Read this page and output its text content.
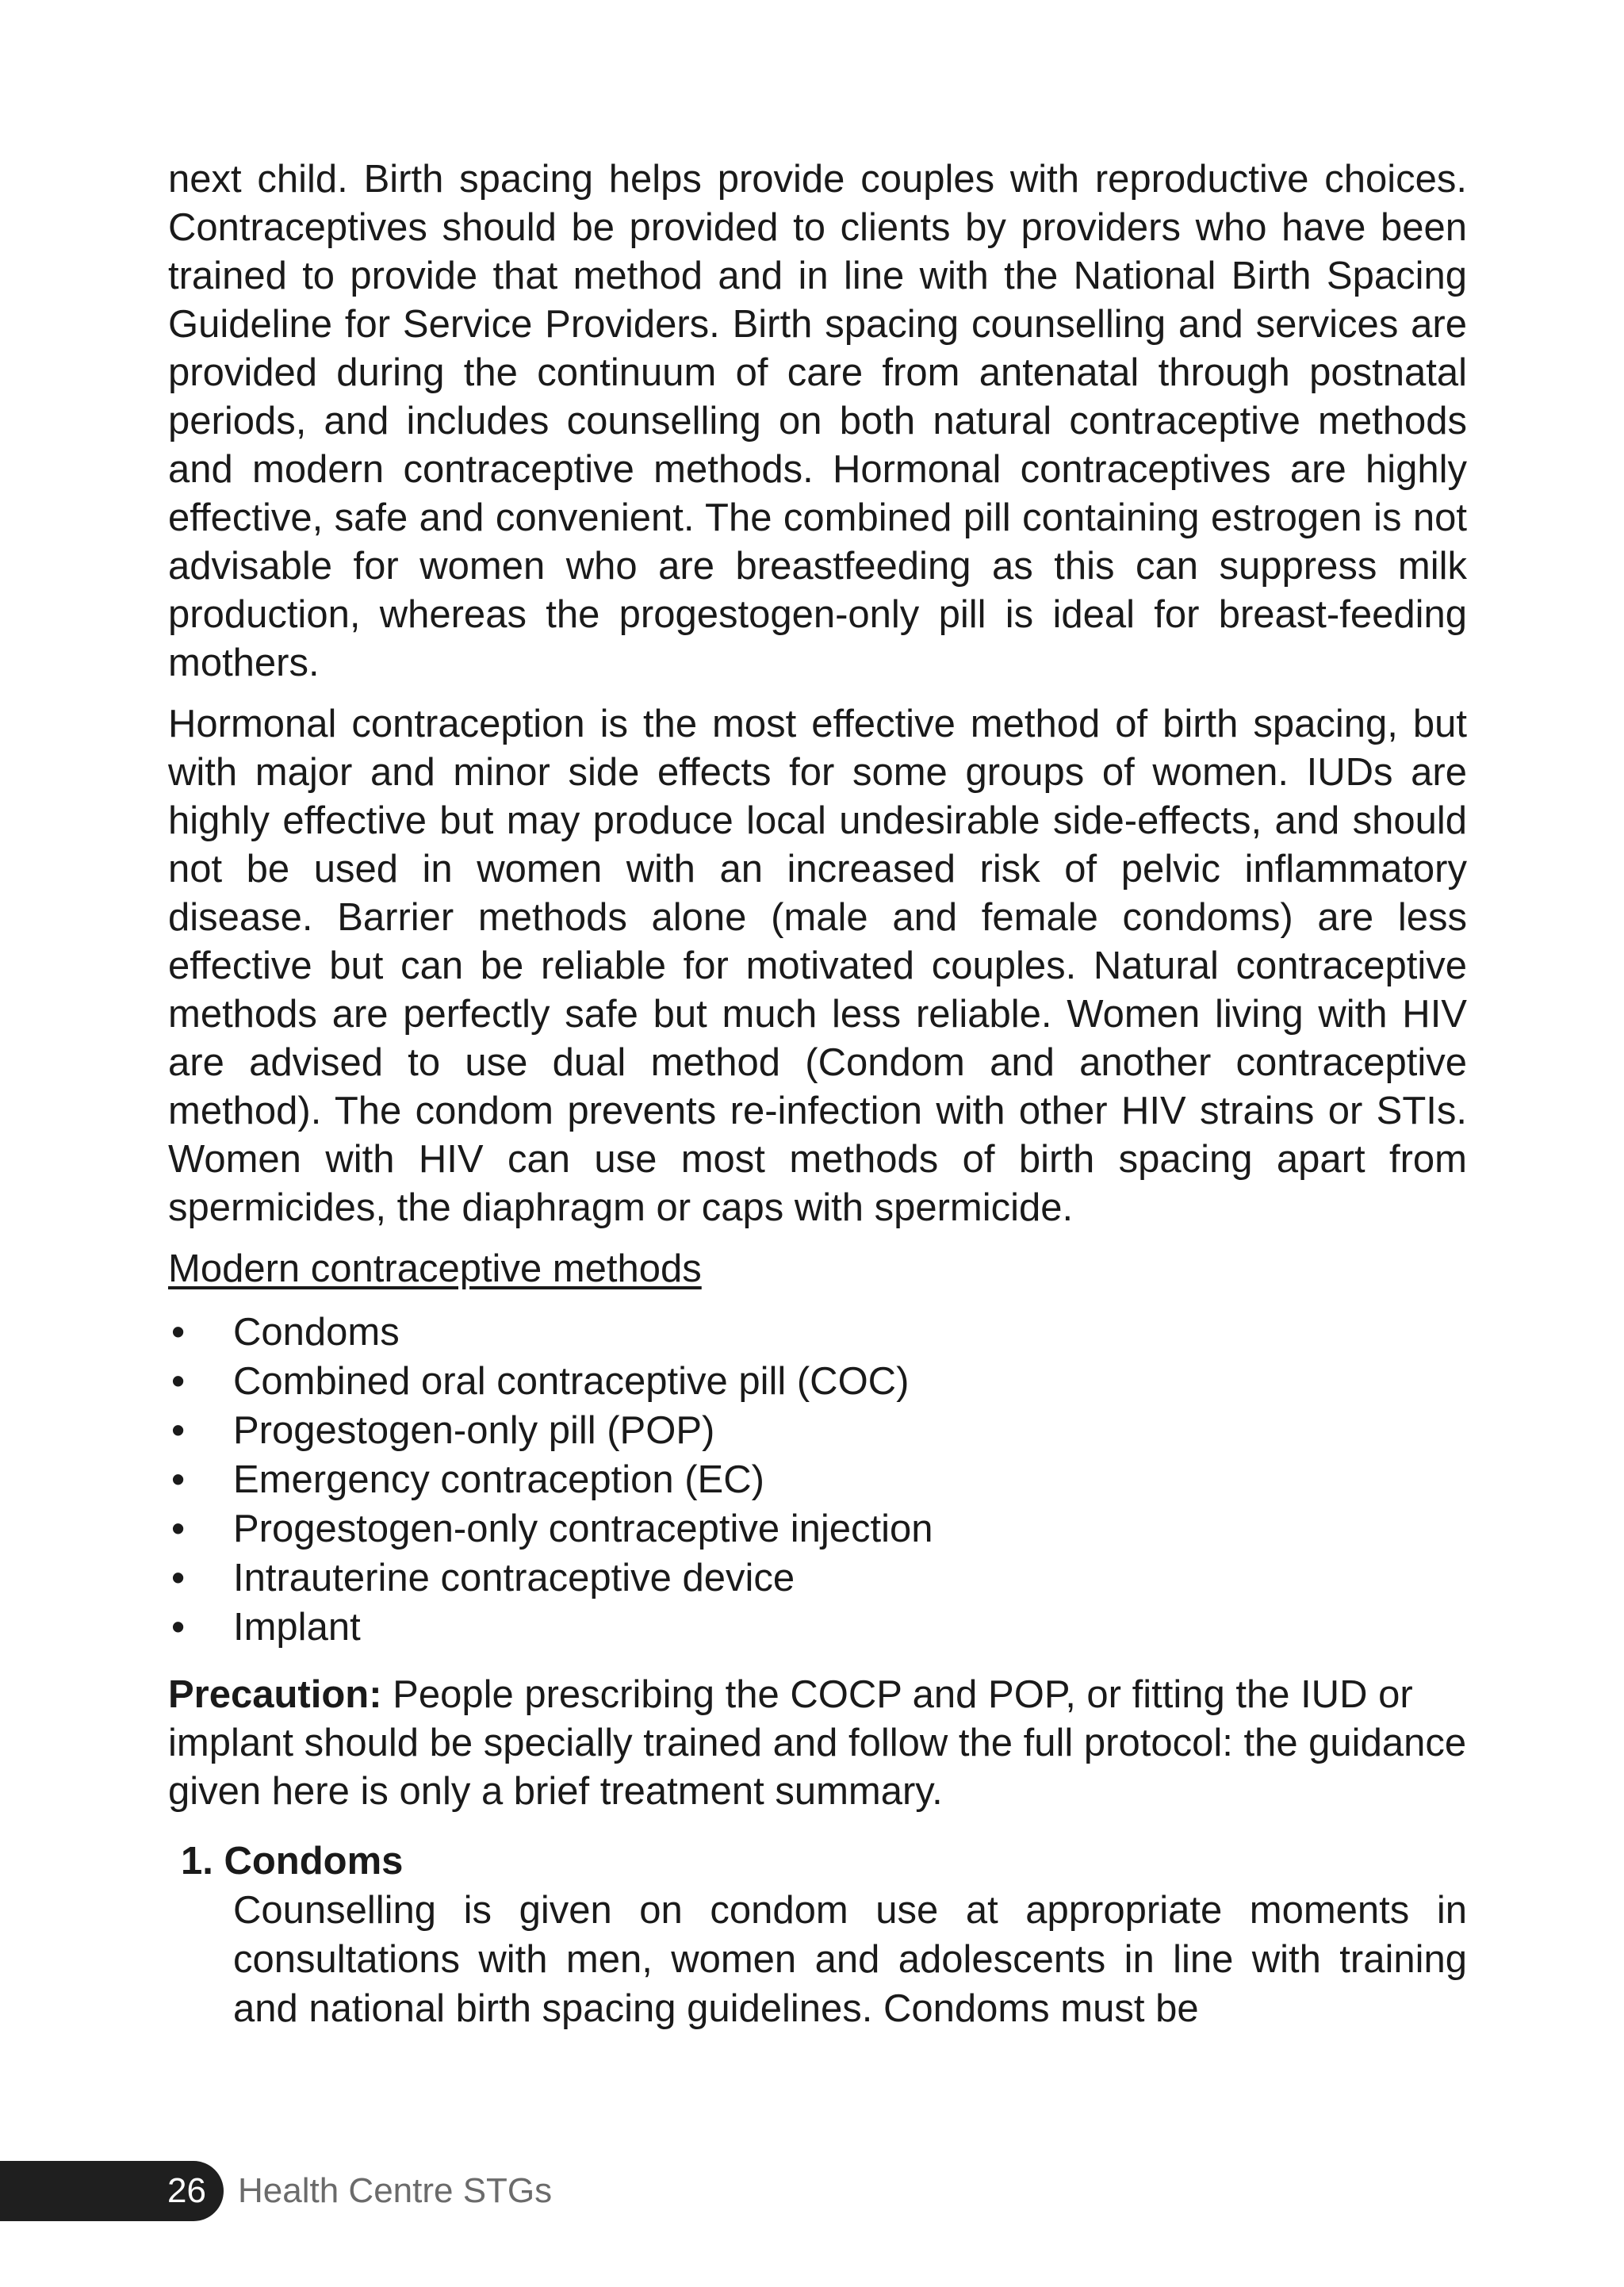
next child. Birth spacing helps provide couples with reproductive choices. Contraceptives should be provided to clients by providers who have been trained to provide that method and in line with the National Birth Spacing Guideline for Service Providers. Birth spacing counselling and services are provided during the continuum of care from antenatal through postnatal periods, and includes counselling on both natural contraceptive methods and modern contraceptive methods. Hormonal contraceptives are highly effective, safe and convenient. The combined pill containing estrogen is not advisable for women who are breastfeeding as this can suppress milk production, whereas the progestogen-only pill is ideal for breast-feeding mothers.

Hormonal contraception is the most effective method of birth spacing, but with major and minor side effects for some groups of women. IUDs are highly effective but may produce local undesirable side-effects, and should not be used in women with an increased risk of pelvic inflammatory disease. Barrier methods alone (male and female condoms) are less effective but can be reliable for motivated couples. Natural contraceptive methods are perfectly safe but much less reliable. Women living with HIV are advised to use dual method (Condom and another contraceptive method). The condom prevents re-infection with other HIV strains or STIs. Women with HIV can use most methods of birth spacing apart from spermicides, the diaphragm or caps with spermicide.

Modern contraceptive methods
• Condoms
• Combined oral contraceptive pill (COC)
• Progestogen-only pill (POP)
• Emergency contraception (EC)
• Progestogen-only contraceptive injection
• Intrauterine contraceptive device
• Implant

Precaution: People prescribing the COCP and POP, or fitting the IUD or implant should be specially trained and follow the full protocol: the guidance given here is only a brief treatment summary.

1. Condoms

Counselling is given on condom use at appropriate moments in consultations with men, women and adolescents in line with training and national birth spacing guidelines. Condoms must be

26 Health Centre STGs
